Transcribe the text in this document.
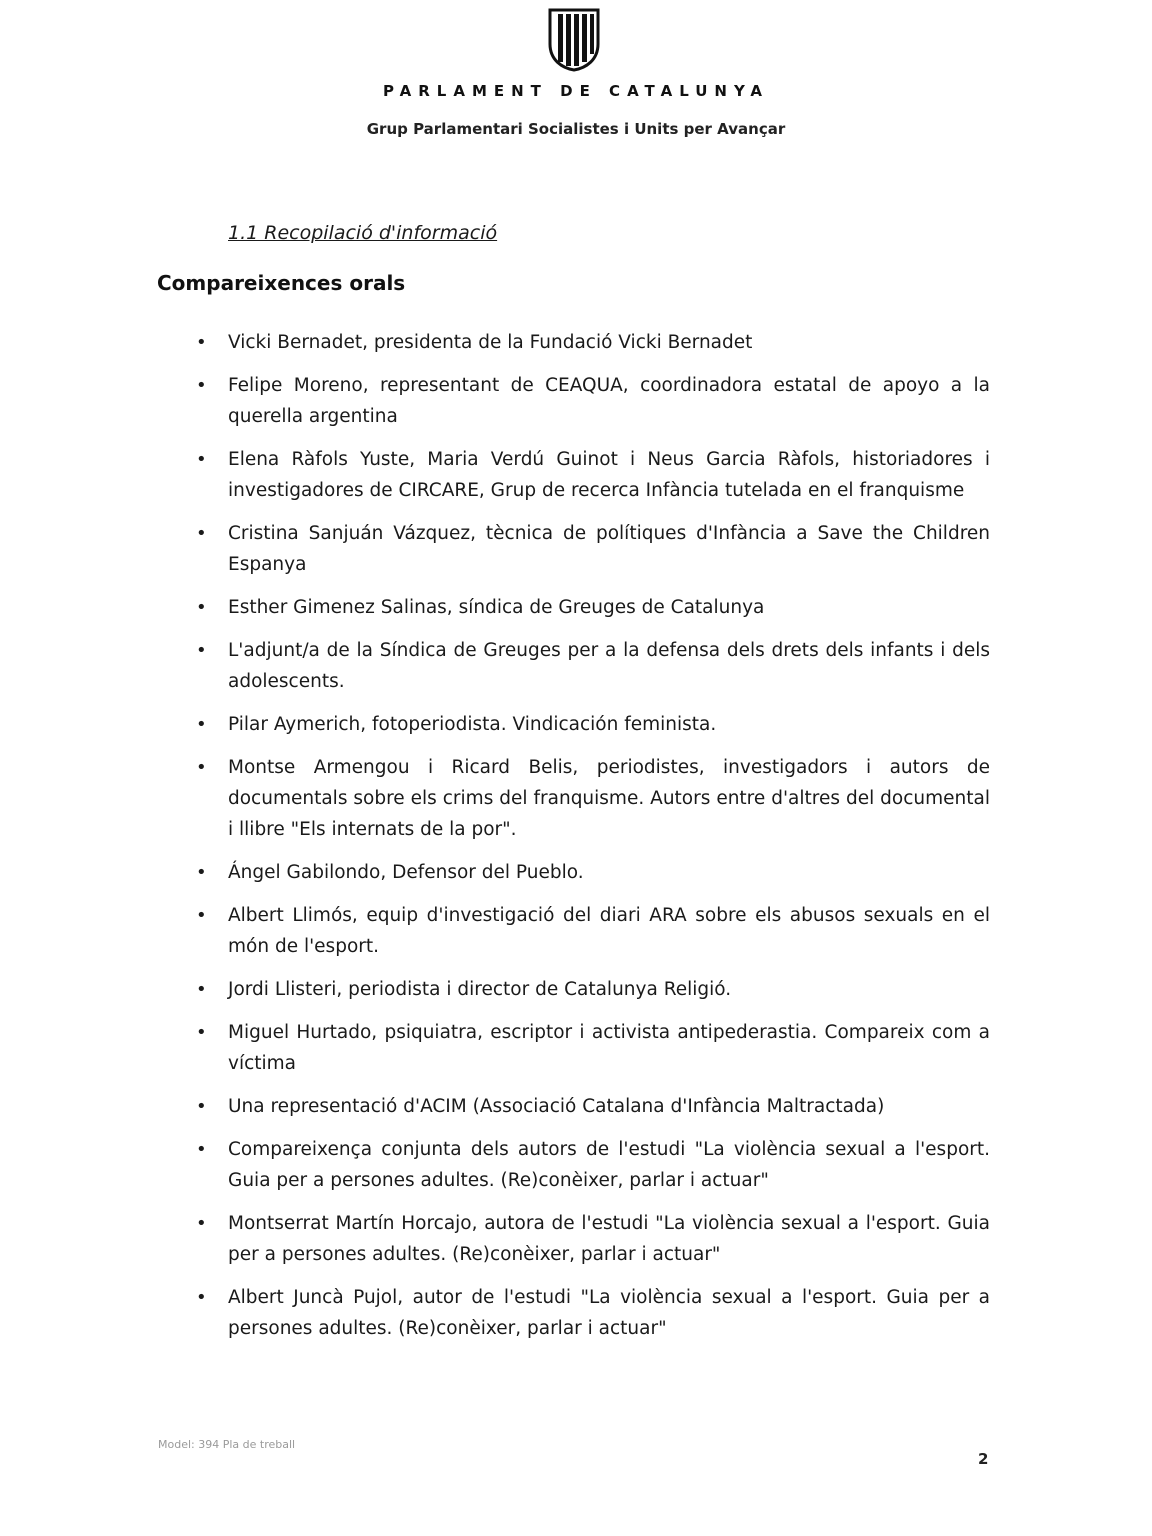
PARLAMENT DE CATALUNYA
Grup Parlamentari Socialistes i Units per Avançar
1.1 Recopilació d'informació
Compareixences orals
• Vicki Bernadet, presidenta de la Fundació Vicki Bernadet
• Felipe Moreno, representant de CEAQUA, coordinadora estatal de apoyo a la querella argentina
• Elena Ràfols Yuste, Maria Verdú Guinot i Neus Garcia Ràfols, historiadores i investigadores de CIRCARE, Grup de recerca Infància tutelada en el franquisme
• Cristina Sanjuán Vázquez, tècnica de polítiques d'Infància a Save the Children Espanya
• Esther Gimenez Salinas, síndica de Greuges de Catalunya
• L'adjunt/a de la Síndica de Greuges per a la defensa dels drets dels infants i dels adolescents.
• Pilar Aymerich, fotoperiodista. Vindicación feminista.
• Montse Armengou i Ricard Belis, periodistes, investigadors i autors de documentals sobre els crims del franquisme. Autors entre d'altres del documental i llibre "Els internats de la por".
• Ángel Gabilondo, Defensor del Pueblo.
• Albert Llimós, equip d'investigació del diari ARA sobre els abusos sexuals en el món de l'esport.
• Jordi Llisteri, periodista i director de Catalunya Religió.
• Miguel Hurtado, psiquiatra, escriptor i activista antipederastia. Compareix com a víctima
• Una representació d'ACIM (Associació Catalana d'Infància Maltractada)
• Compareixença conjunta dels autors de l'estudi "La violència sexual a l'esport. Guia per a persones adultes. (Re)conèixer, parlar i actuar"
• Montserrat Martín Horcajo, autora de l'estudi "La violència sexual a l'esport. Guia per a persones adultes. (Re)conèixer, parlar i actuar"
• Albert Juncà Pujol, autor de l'estudi "La violència sexual a l'esport. Guia per a persones adultes. (Re)conèixer, parlar i actuar"
Model: 394 Pla de treball
2
